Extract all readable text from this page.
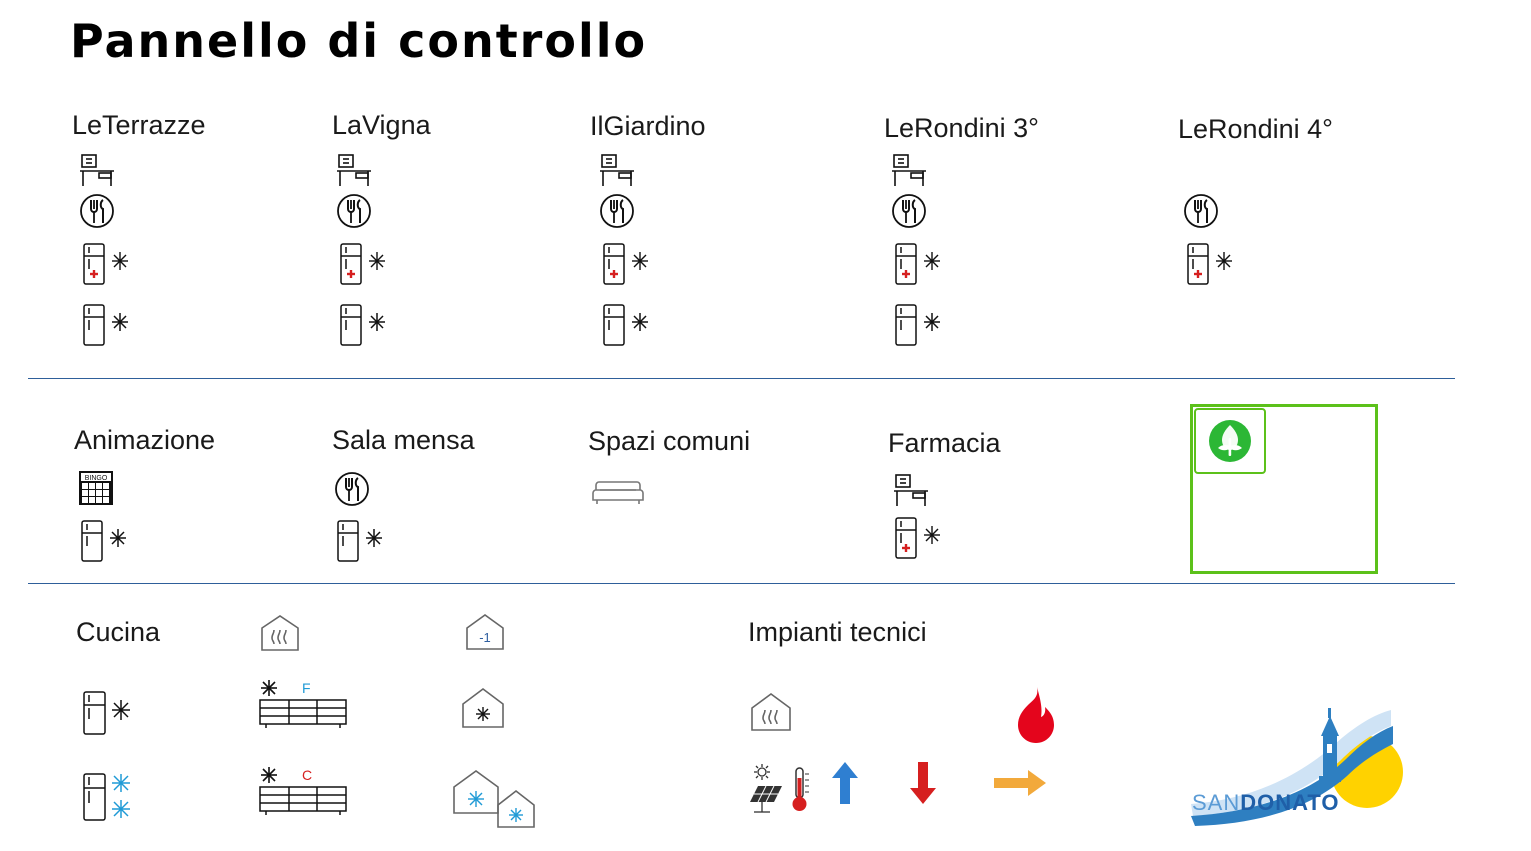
Pannello di controllo
LeTerrazze	LaVigna	IlGiardino	LeRondini 3°	LeRondini 4°
Animazione	Sala mensa	Spazi comuni	Farmacia
BINGO
Cucina	Impianti tecnici
-1
F
C
SANDONATO
